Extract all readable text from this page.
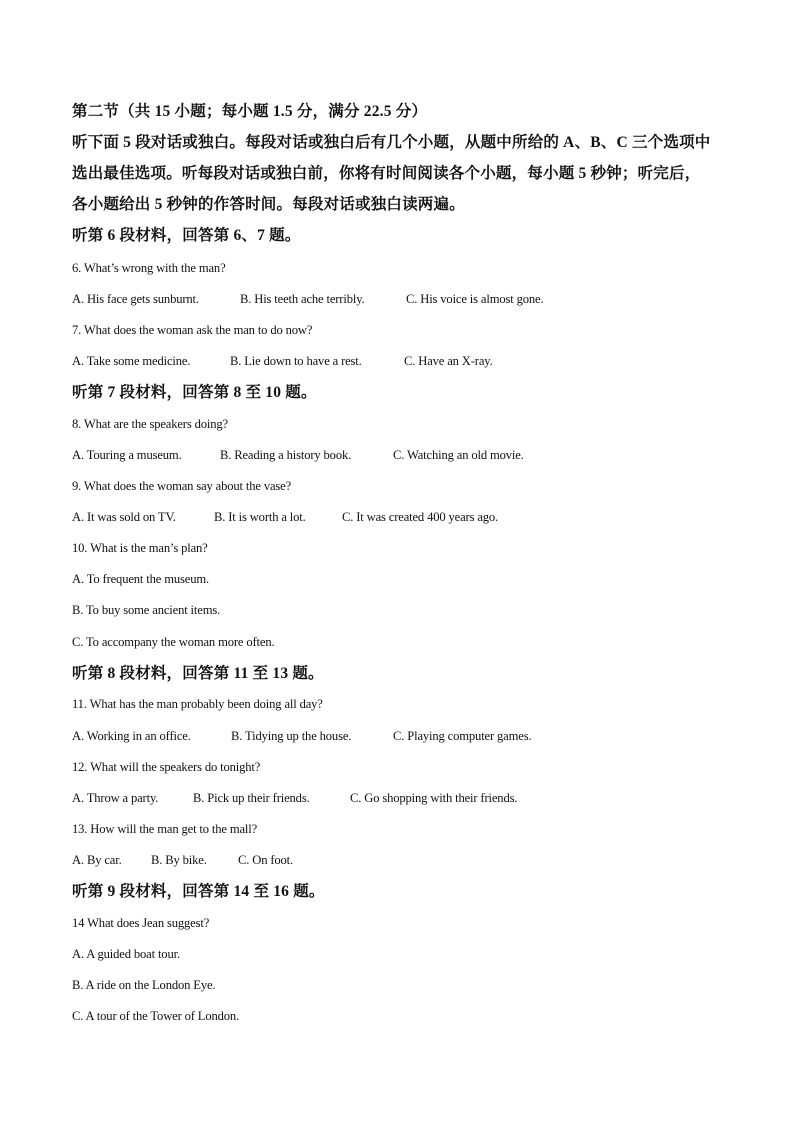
第二节（共 15 小题；每小题 1.5 分，满分 22.5 分）
听下面 5 段对话或独白。每段对话或独白后有几个小题，从题中所给的 A、B、C 三个选项中
选出最佳选项。听每段对话或独白前，你将有时间阅读各个小题，每小题 5 秒钟；听完后，
各小题给出 5 秒钟的作答时间。每段对话或独白读两遍。
听第 6 段材料，回答第 6、7 题。
6. What’s wrong with the man?
A. His face gets sunburnt.	B. His teeth ache terribly.	C. His voice is almost gone.
7. What does the woman ask the man to do now?
A. Take some medicine.	B. Lie down to have a rest.	C. Have an X-ray.
听第 7 段材料，回答第 8 至 10 题。
8. What are the speakers doing?
A. Touring a museum.	B. Reading a history book.	C. Watching an old movie.
9. What does the woman say about the vase?
A. It was sold on TV.	B. It is worth a lot.	C. It was created 400 years ago.
10. What is the man’s plan?
A. To frequent the museum.
B. To buy some ancient items.
C. To accompany the woman more often.
听第 8 段材料，回答第 11 至 13 题。
11. What has the man probably been doing all day?
A. Working in an office.	B. Tidying up the house.	C. Playing computer games.
12. What will the speakers do tonight?
A. Throw a party.	B. Pick up their friends.	C. Go shopping with their friends.
13. How will the man get to the mall?
A. By car. B. By bike. C. On foot.
听第 9 段材料，回答第 14 至 16 题。
14 What does Jean suggest?
A. A guided boat tour.
B. A ride on the London Eye.
C. A tour of the Tower of London.
